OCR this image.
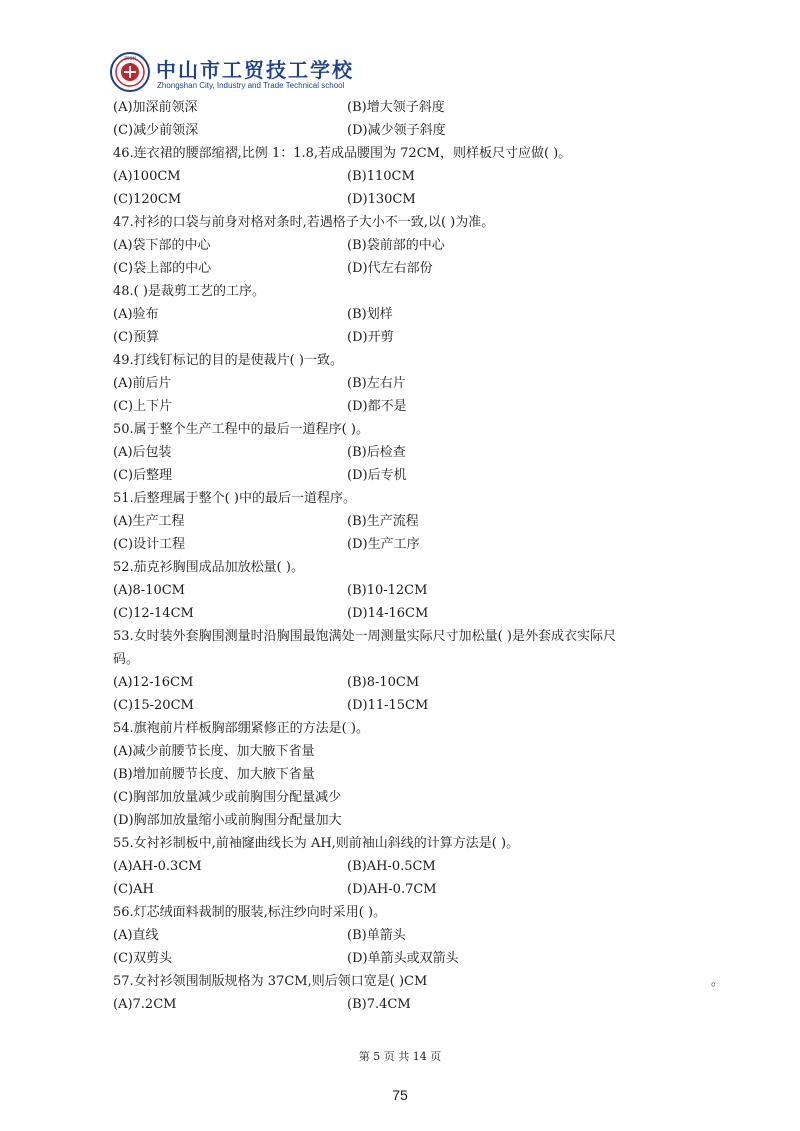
ZSGM 中山市工贸技工学校
Zhongshan City, Industry and Trade Technical school
(A)加深前领深	(B)增大领子斜度
(C)减少前领深	(D)减少领子斜度
46.连衣裙的腰部缩褶,比例 1：1.8,若成品腰围为 72CM，则样板尺寸应做( )。
(A)100CM	(B)110CM
(C)120CM	(D)130CM
47.衬衫的口袋与前身对格对条时,若遇格子大小不一致,以( )为准。
(A)袋下部的中心	(B)袋前部的中心
(C)袋上部的中心	(D)代左右部份
48.( )是裁剪工艺的工序。
(A)验布	(B)划样
(C)预算	(D)开剪
49.打线钉标记的目的是使裁片( )一致。
(A)前后片	(B)左右片
(C)上下片	(D)都不是
50.属于整个生产工程中的最后一道程序( )。
(A)后包装	(B)后检查
(C)后整理	(D)后专机
51.后整理属于整个( )中的最后一道程序。
(A)生产工程	(B)生产流程
(C)设计工程	(D)生产工序
52.茄克衫胸围成品加放松量( )。
(A)8-10CM	(B)10-12CM
(C)12-14CM	(D)14-16CM
53.女时装外套胸围测量时沿胸围最饱满处一周测量实际尺寸加松量( )是外套成衣实际尺
码。
(A)12-16CM	(B)8-10CM
(C)15-20CM	(D)11-15CM
54.旗袍前片样板胸部绷紧修正的方法是( )。
(A)减少前腰节长度、加大腋下省量
(B)增加前腰节长度、加大腋下省量
(C)胸部加放量减少或前胸围分配量减少
(D)胸部加放量缩小或前胸围分配量加大
55.女衬衫制板中,前袖窿曲线长为 AH,则前袖山斜线的计算方法是( )。
(A)AH-0.3CM	(B)AH-0.5CM
(C)AH	(D)AH-0.7CM
56.灯芯绒面料裁制的服装,标注纱向时采用( )。
(A)直线	(B)单箭头
(C)双剪头	(D)单箭头或双箭头
57.女衬衫领围制版规格为 37CM,则后领口宽是( )CM	。
(A)7.2CM	(B)7.4CM
第 5 页 共 14 页
75
